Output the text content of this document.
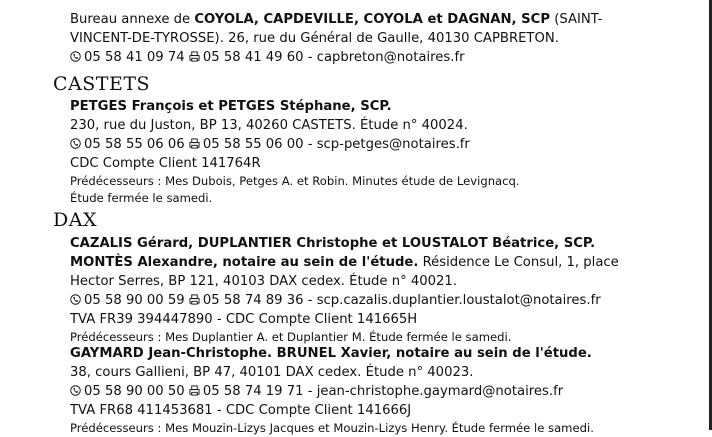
Bureau annexe de COYOLA, CAPDEVILLE, COYOLA et DAGNAN, SCP (SAINT-
VINCENT-DE-TYROSSE). 26, rue du Général de Gaulle, 40130 CAPBRETON.
05 58 41 09 74 05 58 41 49 60 - capbreton@notaires.fr
CASTETS
PETGES François et PETGES Stéphane, SCP.
230, rue du Juston, BP 13, 40260 CASTETS. Étude n° 40024.
05 58 55 06 06 05 58 55 06 00 - scp-petges@notaires.fr
CDC Compte Client 141764R
Prédécesseurs : Mes Dubois, Petges A. et Robin. Minutes étude de Levignacq.
Étude fermée le samedi.
DAX
CAZALIS Gérard, DUPLANTIER Christophe et LOUSTALOT Béatrice, SCP.
MONTÈS Alexandre, notaire au sein de l'étude. Résidence Le Consul, 1, place
Hector Serres, BP 121, 40103 DAX cedex. Étude n° 40021.
05 58 90 00 59 05 58 74 89 36 - scp.cazalis.duplantier.loustalot@notaires.fr
TVA FR39 394447890 - CDC Compte Client 141665H
Prédécesseurs : Mes Duplantier A. et Duplantier M. Étude fermée le samedi.
GAYMARD Jean-Christophe. BRUNEL Xavier, notaire au sein de l'étude.
38, cours Gallieni, BP 47, 40101 DAX cedex. Étude n° 40023.
05 58 90 00 50 05 58 74 19 71 - jean-christophe.gaymard@notaires.fr
TVA FR68 411453681 - CDC Compte Client 141666J
Prédécesseurs : Mes Mouzin-Lizys Jacques et Mouzin-Lizys Henry. Étude fermée le samedi.
